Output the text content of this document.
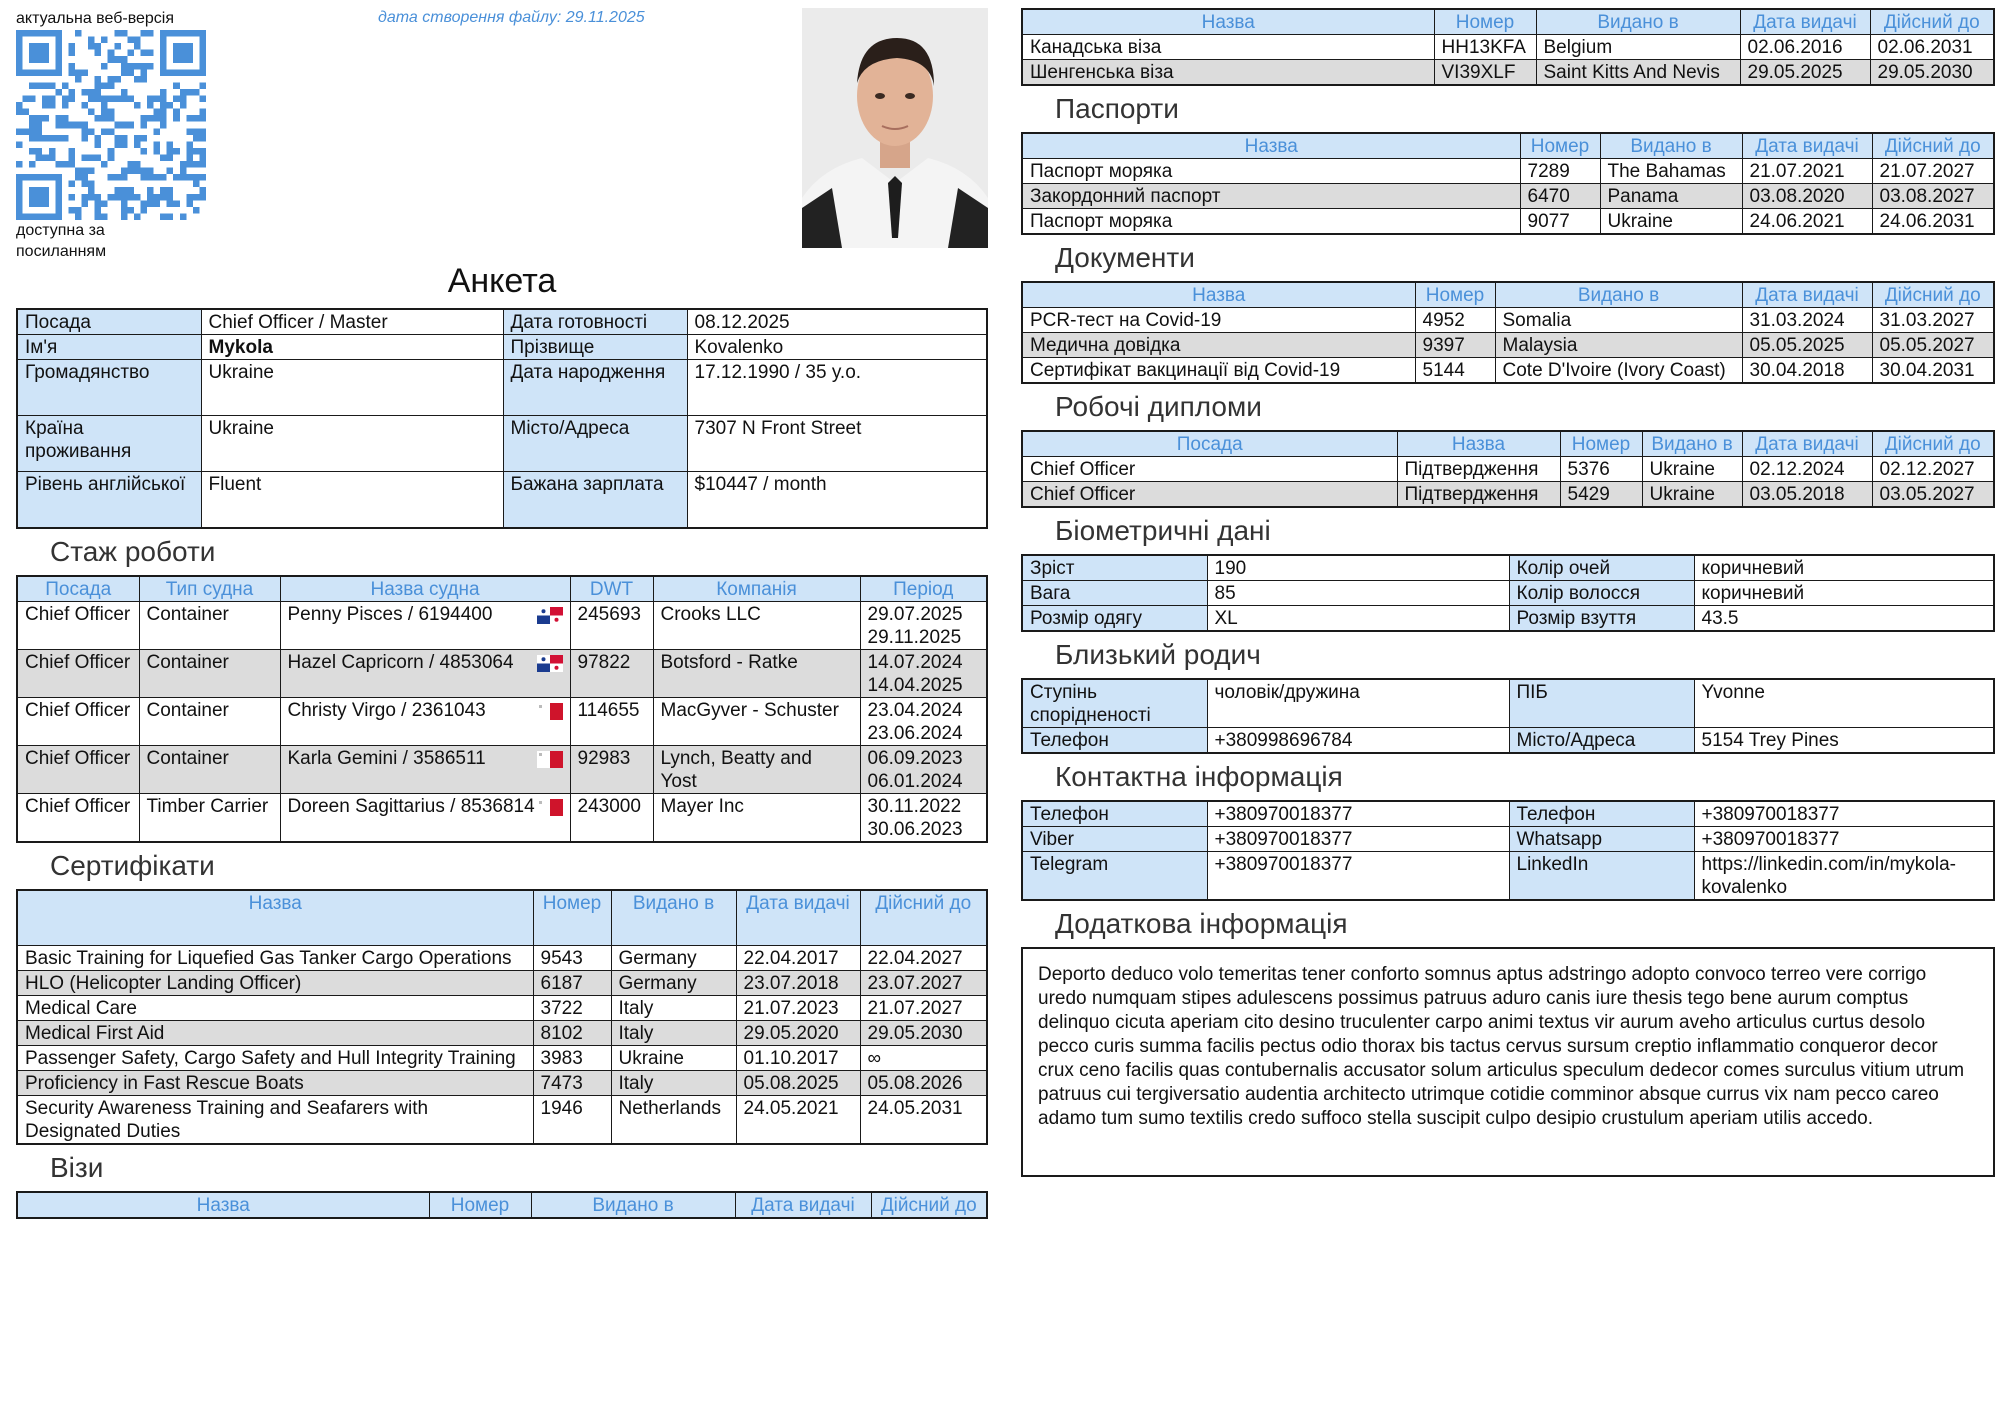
актуальна веб-версія
доступна за посиланням
дата створення файлу: 29.11.2025
Анкета
Посада	Chief Officer / Master	Дата готовності	08.12.2025
Ім'я	Mykola	Прізвище	Kovalenko
Громадянство	Ukraine	Дата народження	17.12.1990 / 35 y.o.
Країна проживання	Ukraine	Місто/Адреса	7307 N Front Street
Рівень англійської	Fluent	Бажана зарплата	$10447 / month
Стаж роботи
Посада	Тип судна	Назва судна	DWT	Компанія	Період
Chief Officer	Container	Penny Pisces / 6194400	245693	Crooks LLC	29.07.2025 29.11.2025
Chief Officer	Container	Hazel Capricorn / 4853064	97822	Botsford - Ratke	14.07.2024 14.04.2025
Chief Officer	Container	Christy Virgo / 2361043	114655	MacGyver - Schuster	23.04.2024 23.06.2024
Chief Officer	Container	Karla Gemini / 3586511	92983	Lynch, Beatty and Yost	06.09.2023 06.01.2024
Chief Officer	Timber Carrier	Doreen Sagittarius / 8536814	243000	Mayer Inc	30.11.2022 30.06.2023
Сертифікати
Назва	Номер	Видано в	Дата видачі	Дійсний до
Basic Training for Liquefied Gas Tanker Cargo Operations	9543	Germany	22.04.2017	22.04.2027
HLO (Helicopter Landing Officer)	6187	Germany	23.07.2018	23.07.2027
Medical Care	3722	Italy	21.07.2023	21.07.2027
Medical First Aid	8102	Italy	29.05.2020	29.05.2030
Passenger Safety, Cargo Safety and Hull Integrity Training	3983	Ukraine	01.10.2017	∞
Proficiency in Fast Rescue Boats	7473	Italy	05.08.2025	05.08.2026
Security Awareness Training and Seafarers with Designated Duties	1946	Netherlands	24.05.2021	24.05.2031
Візи
Назва	Номер	Видано в	Дата видачі	Дійсний до
Назва	Номер	Видано в	Дата видачі	Дійсний до
Канадська віза	HH13KFA	Belgium	02.06.2016	02.06.2031
Шенгенська віза	VI39XLF	Saint Kitts And Nevis	29.05.2025	29.05.2030
Паспорти
Назва	Номер	Видано в	Дата видачі	Дійсний до
Паспорт моряка	7289	The Bahamas	21.07.2021	21.07.2027
Закордонний паспорт	6470	Panama	03.08.2020	03.08.2027
Паспорт моряка	9077	Ukraine	24.06.2021	24.06.2031
Документи
Назва	Номер	Видано в	Дата видачі	Дійсний до
PCR-тест на Covid-19	4952	Somalia	31.03.2024	31.03.2027
Медична довідка	9397	Malaysia	05.05.2025	05.05.2027
Сертифікат вакцинації від Covid-19	5144	Cote D'Ivoire (Ivory Coast)	30.04.2018	30.04.2031
Робочі дипломи
Посада	Назва	Номер	Видано в	Дата видачі	Дійсний до
Chief Officer	Підтвердження	5376	Ukraine	02.12.2024	02.12.2027
Chief Officer	Підтвердження	5429	Ukraine	03.05.2018	03.05.2027
Біометричні дані
Зріст	190	Колір очей	коричневий
Вага	85	Колір волосся	коричневий
Розмір одягу	XL	Розмір взуття	43.5
Близький родич
Ступінь спорідненості	чоловік/дружина	ПІБ	Yvonne
Телефон	+380998696784	Місто/Адреса	5154 Trey Pines
Контактна інформація
Телефон	+380970018377	Телефон	+380970018377
Viber	+380970018377	Whatsapp	+380970018377
Telegram	+380970018377	LinkedIn	https://linkedin.com/in/mykola-kovalenko
Додаткова інформація
Deporto deduco volo temeritas tener conforto somnus aptus adstringo adopto convoco terreo vere corrigo uredo numquam stipes adulescens possimus patruus aduro canis iure thesis tego bene aurum comptus delinquo cicuta aperiam cito desino truculenter carpo animi textus vir aurum aveho articulus curtus desolo pecco curis summa facilis pectus odio thorax bis tactus cervus sursum creptio inflammatio conqueror decor crux ceno facilis quas contubernalis accusator solum articulus speculum dedecor comes surculus vitium utrum patruus cui tergiversatio audentia architecto utrimque cotidie comminor absque currus vix nam pecco careo adamo tum sumo textilis credo suffoco stella suscipit culpo desipio crustulum aperiam utilis accedo.
